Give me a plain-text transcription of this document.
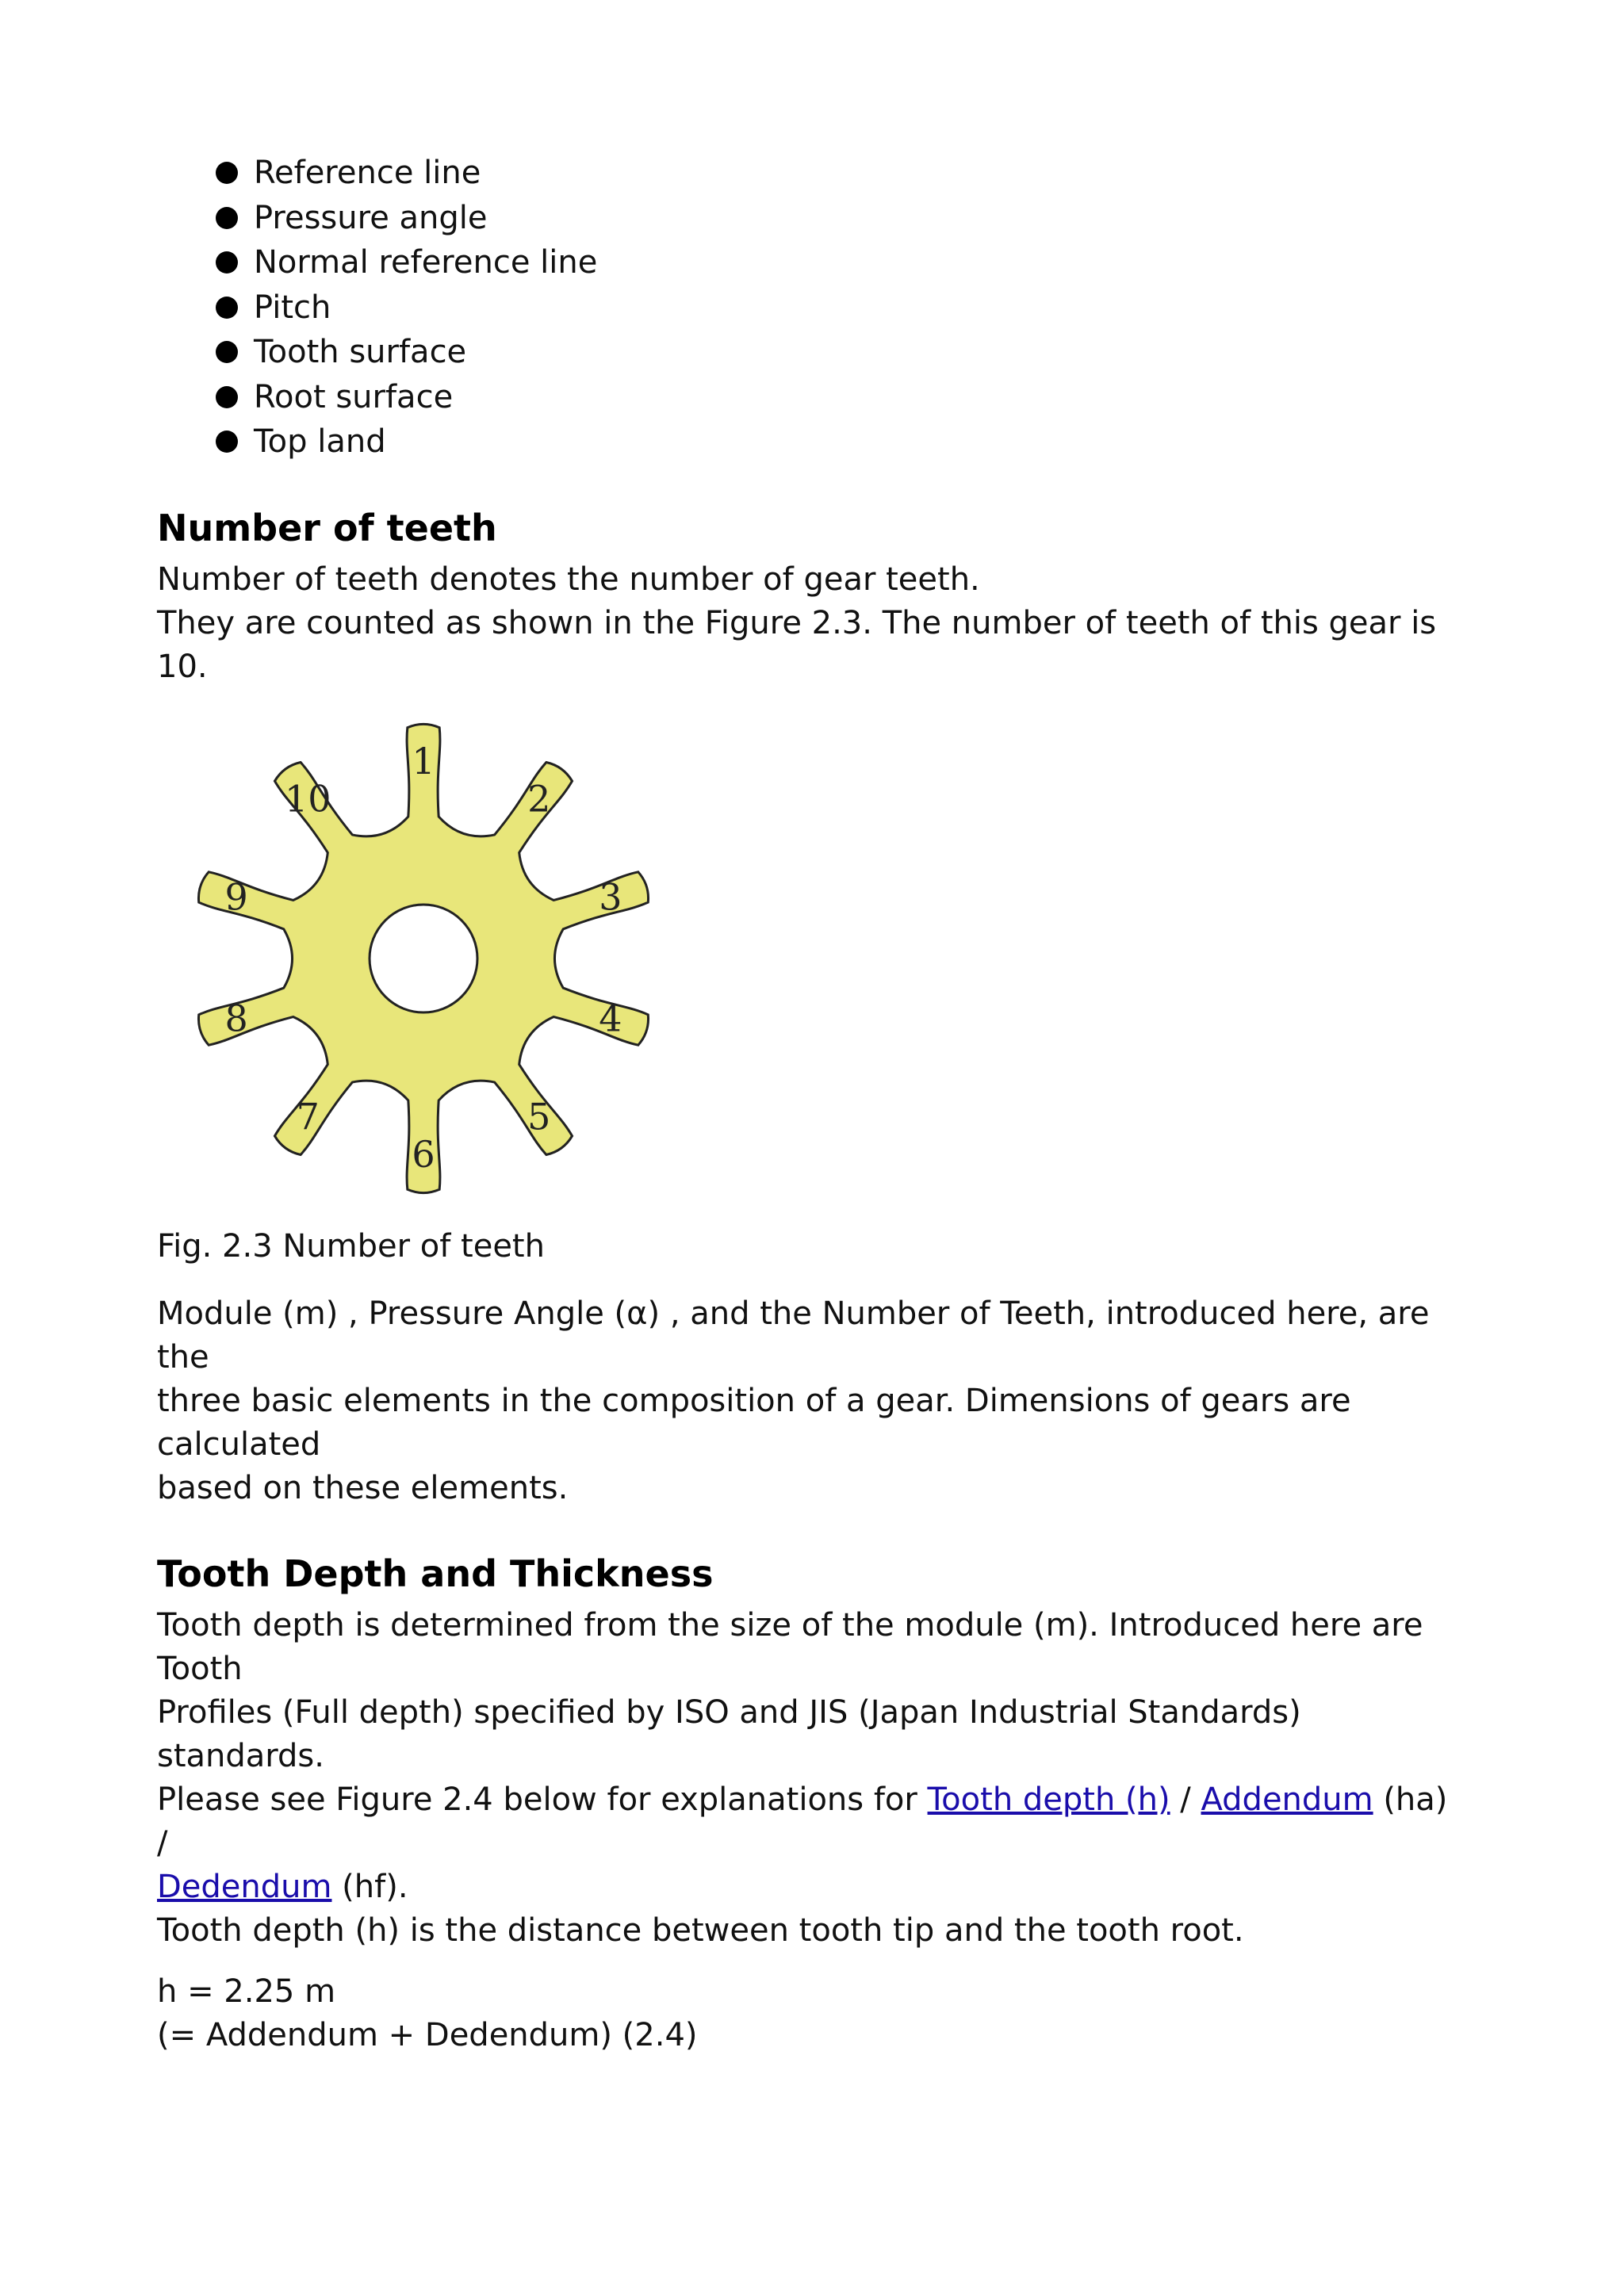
Reference line
Pressure angle
Normal reference line
Pitch
Tooth surface
Root surface
Top land
Number of teeth

Number of teeth denotes the number of gear teeth.
They are counted as shown in the Figure 2.3. The number of teeth of this gear is 10.

1
2
3
4
5
6
7
8
9
10

Fig. 2.3 Number of teeth

Module (m) , Pressure Angle (α) , and the Number of Teeth, introduced here, are the
three basic elements in the composition of a gear. Dimensions of gears are calculated
based on these elements.

Tooth Depth and Thickness

Tooth depth is determined from the size of the module (m). Introduced here are Tooth
Profiles (Full depth) specified by ISO and JIS (Japan Industrial Standards) standards.
Please see Figure 2.4 below for explanations for Tooth depth (h) / Addendum (ha) /
Dedendum (hf).
Tooth depth (h) is the distance between tooth tip and the tooth root.

h = 2.25 m
(= Addendum + Dedendum) (2.4)
